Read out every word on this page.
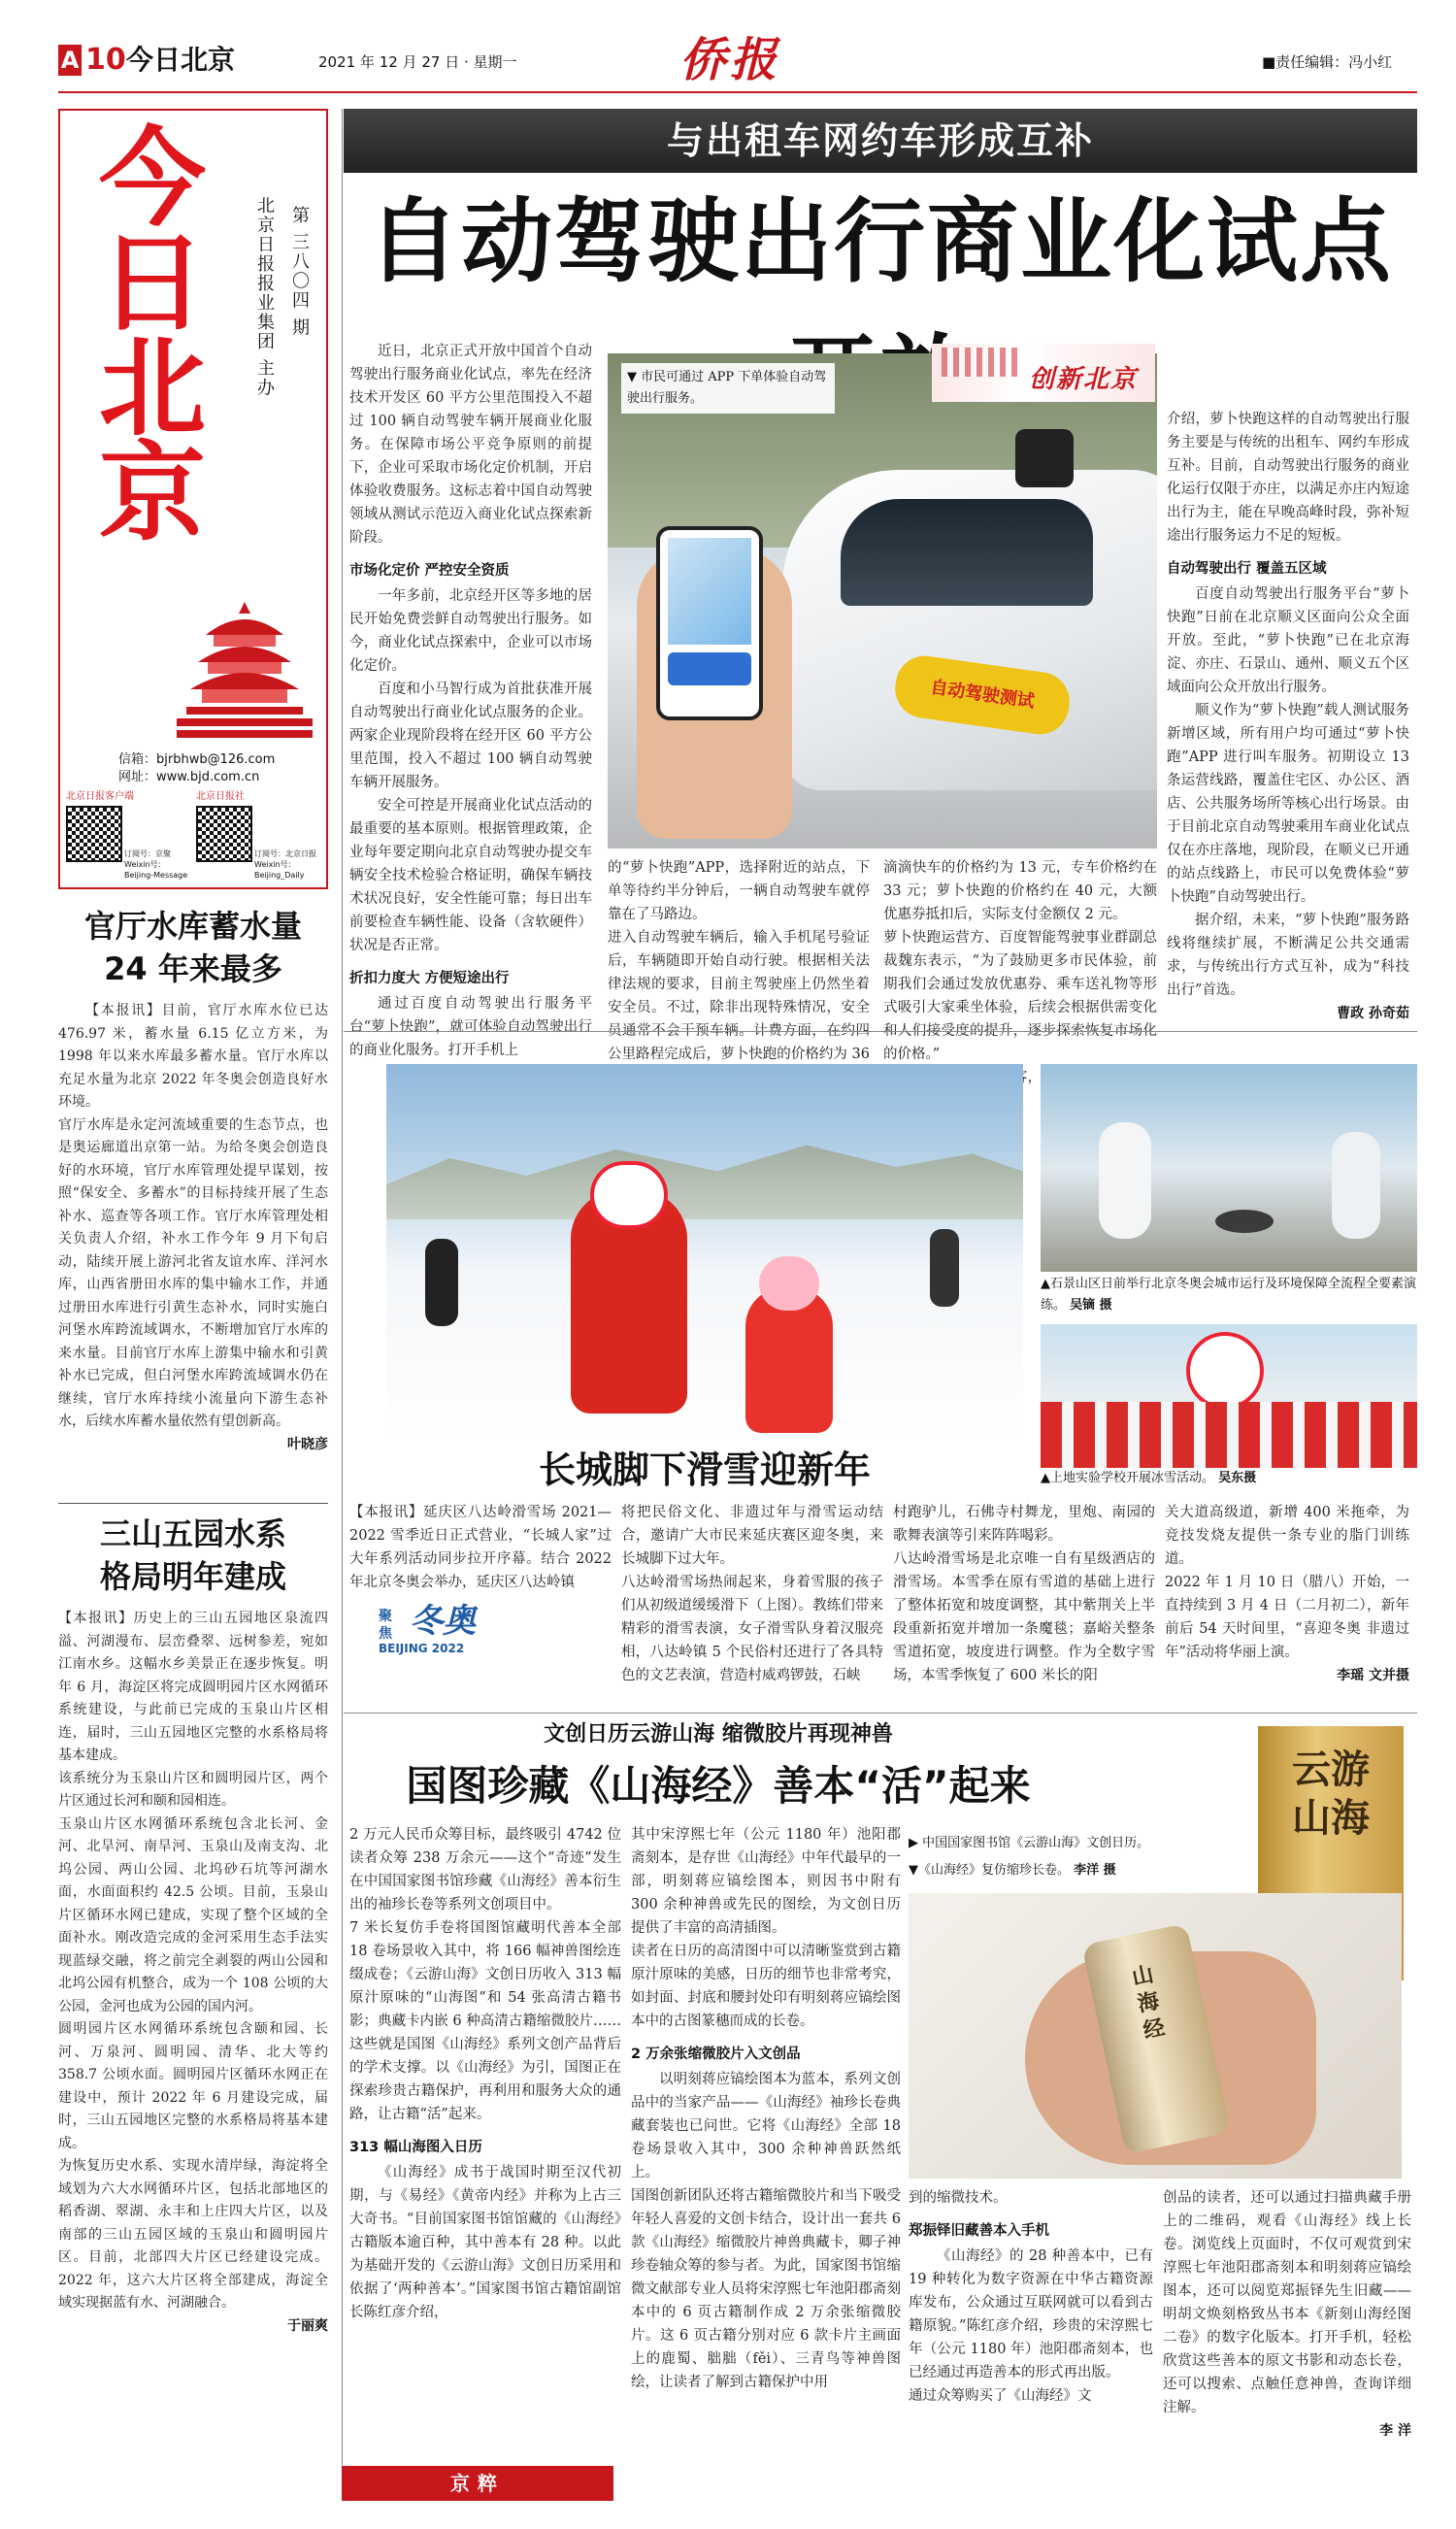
A 10 今日北京	2021 年 12 月 27 日 · 星期一	侨报	■责任编辑：冯小红
今
日
北
京
北京日报报业集团 主办 第 三八〇四 期
信箱：bjrbhwb@126.com
网址：www.bjd.com.cn
北京日报客户端	北京日报社
订阅号：京聚
Weixin号：Beijing-Message
订阅号：北京日报
Weixin号：Beijing_Daily
官厅水库蓄水量
24 年来最多
【本报讯】目前，官厅水库水位已达 476.97 米，蓄水量 6.15 亿立方米，为 1998 年以来水库最多蓄水量。官厅水库以充足水量为北京 2022 年冬奥会创造良好水环境。
官厅水库是永定河流域重要的生态节点，也是奥运廊道出京第一站。为给冬奥会创造良好的水环境，官厅水库管理处提早谋划，按照“保安全、多蓄水”的目标持续开展了生态补水、巡查等各项工作。官厅水库管理处相关负责人介绍，补水工作今年 9 月下旬启动，陆续开展上游河北省友谊水库、洋河水库，山西省册田水库的集中输水工作，并通过册田水库进行引黄生态补水，同时实施白河堡水库跨流域调水，不断增加官厅水库的来水量。目前官厅水库上游集中输水和引黄补水已完成，但白河堡水库跨流域调水仍在继续，官厅水库持续小流量向下游生态补水，后续水库蓄水量依然有望创新高。
叶晓彦
三山五园水系
格局明年建成
【本报讯】历史上的三山五园地区泉流四溢、河湖漫布、层峦叠翠、远树参差，宛如江南水乡。这幅水乡美景正在逐步恢复。明年 6 月，海淀区将完成圆明园片区水网循环系统建设，与此前已完成的玉泉山片区相连，届时，三山五园地区完整的水系格局将基本建成。
该系统分为玉泉山片区和圆明园片区，两个片区通过长河和颐和园相连。
玉泉山片区水网循环系统包含北长河、金河、北旱河、南旱河、玉泉山及南支沟、北坞公园、两山公园、北坞砂石坑等河湖水面，水面面积约 42.5 公顷。目前，玉泉山片区循环水网已建成，实现了整个区域的全面补水。刚改造完成的金河采用生态手法实现蓝绿交融，将之前完全剥裂的两山公园和北坞公园有机整合，成为一个 108 公顷的大公园，金河也成为公园的国内河。
圆明园片区水网循环系统包含颐和园、长河、万泉河、圆明园、清华、北大等约 358.7 公顷水面。圆明园片区循环水网正在建设中，预计 2022 年 6 月建设完成，届时，三山五园地区完整的水系格局将基本建成。
为恢复历史水系、实现水清岸绿，海淀将全域划为六大水网循环片区，包括北部地区的稻香湖、翠湖、永丰和上庄四大片区，以及南部的三山五园区域的玉泉山和圆明园片区。目前，北部四大片区已经建设完成。2022 年，这六大片区将全部建成，海淀全域实现据蓝有水、河湖融合。
于丽爽
与出租车网约车形成互补
自动驾驶出行商业化试点
近日，北京正式开放中国首个自动驾驶出行服务商业化试点，率先在经济技术开发区 60 平方公里范围投入不超过 100 辆自动驾驶车辆开展商业化服务。在保障市场公平竞争原则的前提下，企业可采取市场化定价机制，开启体验收费服务。这标志着中国自动驾驶领域从测试示范迈入商业化试点探索新阶段。
市场化定价 严控安全资质
一年多前，北京经开区等多地的居民开始免费尝鲜自动驾驶出行服务。如今，商业化试点探索中，企业可以市场化定价。
百度和小马智行成为首批获准开展自动驾驶出行商业化试点服务的企业。两家企业现阶段将在经开区 60 平方公里范围，投入不超过 100 辆自动驾驶车辆开展服务。
安全可控是开展商业化试点活动的最重要的基本原则。根据管理政策，企业每年要定期向北京自动驾驶办提交车辆安全技术检验合格证明，确保车辆技术状况良好，安全性能可靠；每日出车前要检查车辆性能、设备（含软硬件）状况是否正常。
折扣力度大 方便短途出行
通过百度自动驾驶出行服务平台“萝卜快跑”，就可体验自动驾驶出行的商业化服务。打开手机上
自动驾驶测试
▼ 市民可通过 APP 下单体验自动驾驶出行服务。
创新北京
介绍，萝卜快跑这样的自动驾驶出行服务主要是与传统的出租车、网约车形成互补。目前，自动驾驶出行服务的商业化运行仅限于亦庄，以满足亦庄内短途出行为主，能在早晚高峰时段，弥补短途出行服务运力不足的短板。
自动驾驶出行 覆盖五区域
百度自动驾驶出行服务平台“萝卜快跑”日前在北京顺义区面向公众全面开放。至此，“萝卜快跑”已在北京海淀、亦庄、石景山、通州、顺义五个区域面向公众开放出行服务。
顺义作为“萝卜快跑”载人测试服务新增区域，所有用户均可通过“萝卜快跑”APP 进行叫车服务。初期设立 13 条运营线路，覆盖住宅区、办公区、酒店、公共服务场所等核心出行场景。由于目前北京自动驾驶乘用车商业化试点仅在亦庄落地，现阶段，在顺义已开通的站点线路上，市民可以免费体验“萝卜快跑”自动驾驶出行。
据介绍，未来，“萝卜快跑”服务路线将继续扩展，不断满足公共交通需求，与传统出行方式互补，成为“科技出行”首选。
曹政 孙奇茹
的“萝卜快跑”APP，选择附近的站点，下单等待约半分钟后，一辆自动驾驶车就停靠在了马路边。
进入自动驾驶车辆后，输入手机尾号验证后，车辆随即开始自动行驶。根据相关法律法规的要求，目前主驾驶座上仍然坐着安全员。不过，除非出现特殊情况，安全员通常不会干预车辆。计费方面，在约四公里路程完成后，萝卜快跑的价格约为 36
滴滴快车的价格约为 13 元，专车价格约在 33 元；萝卜快跑的价格约在 40 元，大额优惠券抵扣后，实际支付金额仅 2 元。
萝卜快跑运营方、百度智能驾驶事业群副总裁魏东表示，“为了鼓励更多市民体验，前期我们会通过发放优惠券、乘车送礼物等形式吸引大家乘坐体验，后续会根据供需变化和人们接受度的提升，逐步探索恢复市场化的价格。”

长城脚下滑雪迎新年
▲石景山区日前举行北京冬奥会城市运行及环境保障全流程全要素演练。 吴镝 摄
▲上地实验学校开展冰雪活动。 吴东摄
【本报讯】延庆区八达岭滑雪场 2021—2022 雪季近日正式营业，“长城人家”过大年系列活动同步拉开序幕。结合 2022 年北京冬奥会举办，延庆区八达岭镇
聚焦 冬奥
BEIJING 2022
将把民俗文化、非遗过年与滑雪运动结合，邀请广大市民来延庆赛区迎冬奥，来长城脚下过大年。
八达岭滑雪场热闹起来，身着雪服的孩子们从初级道缓缓滑下（上图）。教练们带来精彩的滑雪表演，女子滑雪队身着汉服亮相，八达岭镇 5 个民俗村还进行了各具特色的文艺表演，营造村威鸡锣鼓，石峡
村跑驴儿，石佛寺村舞龙，里炮、南园的歌舞表演等引来阵阵喝彩。
八达岭滑雪场是北京唯一自有星级酒店的滑雪场。本雪季在原有雪道的基础上进行了整体拓宽和坡度调整，其中紫荆关上半段重新拓宽并增加一条魔毯；嘉峪关整条雪道拓宽，坡度进行调整。作为全数字雪场，本雪季恢复了 600 米长的阳
关大道高级道，新增 400 米拖牵，为竞技发烧友提供一条专业的脂门训练道。
2022 年 1 月 10 日（腊八）开始，一直持续到 3 月 4 日（二月初二），新年前后 54 天时间里，“喜迎冬奥 非遗过年”活动将华丽上演。
李瑶 文并摄
文创日历云游山海 缩微胶片再现神兽
国图珍藏《山海经》善本“活”起来	云游山海
▶ 中国国家图书馆《云游山海》文创日历。
▼《山海经》复仿缩珍长卷。 李洋 摄
山海经
2 万元人民币众筹目标，最终吸引 4742 位读者众筹 238 万余元——这个“奇迹”发生在中国国家图书馆珍藏《山海经》善本衍生出的袖珍长卷等系列文创项目中。
7 米长复仿手卷将国图馆藏明代善本全部 18 卷场景收入其中，将 166 幅神兽图绘连缀成卷；《云游山海》文创日历收入 313 幅原汁原味的“山海图”和 54 张高清古籍书影；典藏卡内嵌 6 种高清古籍缩微胶片……这些就是国图《山海经》系列文创产品背后的学术支撑。以《山海经》为引，国图正在探索珍贵古籍保护，再利用和服务大众的通路，让古籍“活”起来。
313 幅山海图入日历
《山海经》成书于战国时期至汉代初期，与《易经》《黄帝内经》并称为上古三大奇书。“目前国家图书馆馆藏的《山海经》古籍版本逾百种，其中善本有 28 种。以此为基础开发的《云游山海》文创日历采用和依据了‘两种善本’。”国家图书馆古籍馆副馆长陈红彦介绍，
其中宋淳熙七年（公元 1180 年）池阳郡斋刻本，是存世《山海经》中年代最早的一部，明刻蒋应镐绘图本，则因书中附有 300 余种神兽或先民的图绘，为文创日历提供了丰富的高清插图。
读者在日历的高清图中可以清晰鉴赏到古籍原汁原味的美感，日历的细节也非常考究，如封面、封底和腰封处印有明刻蒋应镐绘图本中的古图篆穗而成的长卷。
2 万余张缩微胶片入文创品
以明刻蒋应镐绘图本为蓝本，系列文创品中的当家产品——《山海经》袖珍长卷典藏套装也已问世。它将《山海经》全部 18 卷场景收入其中，300 余种神兽跃然纸上。
国图创新团队还将古籍缩微胶片和当下吸受年轻人喜爱的文创卡结合，设计出一套共 6 款《山海经》缩微胶片神兽典藏卡，卿子神珍卷轴众筹的参与者。为此，国家图书馆缩微文献部专业人员将宋淳熙七年池阳郡斋刻本中的 6 页古籍制作成 2 万余张缩微胶片。这 6 页古籍分别对应 6 款卡片主画面上的鹿蜀、胐胐（fěi）、三青鸟等神兽图绘，让读者了解到古籍保护中用
到的缩微技术。
郑振铎旧藏善本入手机
《山海经》的 28 种善本中，已有 19 种转化为数字资源在中华古籍资源库发布，公众通过互联网就可以看到古籍原貌。”陈红彦介绍，珍贵的宋淳熙七年（公元 1180 年）池阳郡斋刻本，也已经通过再造善本的形式再出版。
通过众筹购买了《山海经》文
创品的读者，还可以通过扫描典藏手册上的二维码，观看《山海经》线上长卷。浏览线上页面时，不仅可观赏到宋淳熙七年池阳郡斋刻本和明刻蒋应镐绘图本，还可以阅览郑振铎先生旧藏——明胡文焕刻格致丛书本《新刻山海经图二卷》的数字化版本。打开手机，轻松欣赏这些善本的原文书影和动态长卷，还可以搜索、点触任意神兽，查询详细注解。
李 洋
京粹
